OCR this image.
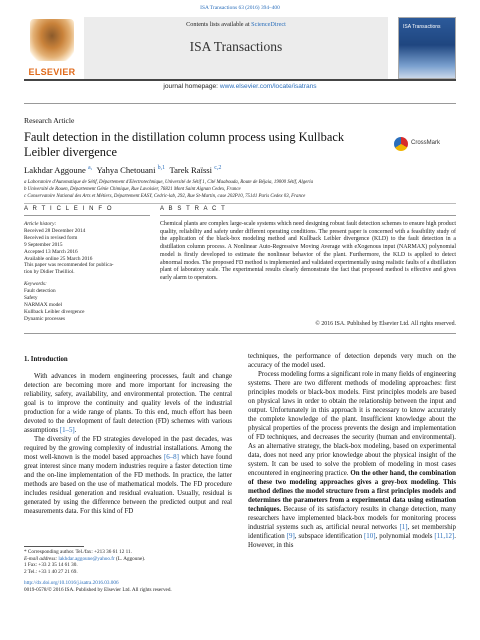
ISA Transactions 63 (2016) 394–400
ELSEVIER
Contents lists available at ScienceDirect
ISA Transactions
ISA Transactions
journal homepage: www.elsevier.com/locate/isatrans
Research Article
Fault detection in the distillation column process using Kullback Leibler divergence
CrossMark
Lakhdar Aggoune $^{a,}$ Yahya Chetouani $^{b,1}$ Tarek Raïssi $^{c,2}$
a Laboratoire d'Automatique de Sétif, Département d'Electrotechnique, Université de Sétif 1, Cité Maabouda, Route de Béjaia, 19000 Sétif, Algeria
b Université de Rouen, Département Génie Chimique, Rue Lavoisier, 76821 Mont Saint Aignan Cedex, France
c Conservatoire National des Arts et Métiers, Département EASY, Cedric-lab, 292, Rue St-Martin, case 202P10, 75141 Paris Cedex 03, France
A R T I C L E I N F O	A B S T R A C T
Article history:
Received 28 December 2014
Received in revised form
9 September 2015
Accepted 13 March 2016
Available online 25 March 2016
This paper was recommended for publica-
tion by Didier Theilliol.
Keywords:
Fault detection
Safety
NARMAX model
Kullback Leibler divergence
Dynamic processes
Chemical plants are complex large-scale systems which need designing robust fault detection schemes to ensure high product quality, reliability and safety under different operating conditions. The present paper is concerned with a feasibility study of the application of the black-box modeling method and Kullback Leibler divergence (KLD) to the fault detection in a distillation column process. A Nonlinear Auto-Regressive Moving Average with eXogenous input (NARMAX) polynomial model is firstly developed to estimate the nonlinear behavior of the plant. Furthermore, the KLD is applied to detect abnormal modes. The proposed FD method is implemented and validated experimentally using realistic faults of a distillation plant of laboratory scale. The experimental results clearly demonstrate the fact that proposed method is effective and gives early alarm to operators.
© 2016 ISA. Published by Elsevier Ltd. All rights reserved.
1. Introduction

With advances in modern engineering processes, fault and change detection are becoming more and more important for increasing the reliability, safety, availability, and environmental protection. The central goal is to improve the continuity and quality levels of the industrial production for a wide range of plants. To this end, much effort has been devoted to the development of fault detection (FD) schemes with various assumptions [1–5].

The diversity of the FD strategies developed in the past decades, was required by the growing complexity of industrial installations. Among the most well-known is the model based approaches [6–8] which have found great interest since many modern industries require a faster detection time and the on-line implementation of the FD methods. In practice, the latter methods are based on the use of mathematical models. The FD procedure includes residual generation and residual evaluation. Usually, residual is generated by using the difference between the predicted output and real measurements data. For this kind of FD

techniques, the performance of detection depends very much on the accuracy of the model used.

Process modeling forms a significant role in many fields of engineering systems. There are two different methods of modeling approaches: first principles models or black-box models. First principles models are based on physical laws in order to obtain the relationship between the input and output. Unfortunately in this approach it is necessary to know accurately the complete knowledge of the plant. Insufficient knowledge about the physical properties of the process prevents the design and implementation of FD techniques, and decreases the security (human and environmental). As an alternative strategy, the black-box modeling, based on experimental data, does not need any prior knowledge about the physical insight of the system. It can be used to solve the problem of modeling in most cases encountered in engineering practice. On the other hand, the combination of these two modeling approaches gives a grey-box modeling. This method defines the model structure from a first principles models and determines the parameters from a experimental data using estimation techniques. Because of its satisfactory results in change detection, many researchers have implemented black-box models for monitoring process industrial systems such as, artificial neural networks [1], set membership identification [9], subspace identification [10], polynomial models [11,12]. However, in this

* Corresponding author. Tel./fax: +213 36 61 12 11.
E-mail address: lakhdar.aggoune@yahoo.fr (L. Aggoune).
1 Fax: +33 2 35 14 61 30.
2 Tel.: +33 1 40 27 21 69.
http://dx.doi.org/10.1016/j.isatra.2016.03.006
0019-0578/© 2016 ISA. Published by Elsevier Ltd. All rights reserved.
